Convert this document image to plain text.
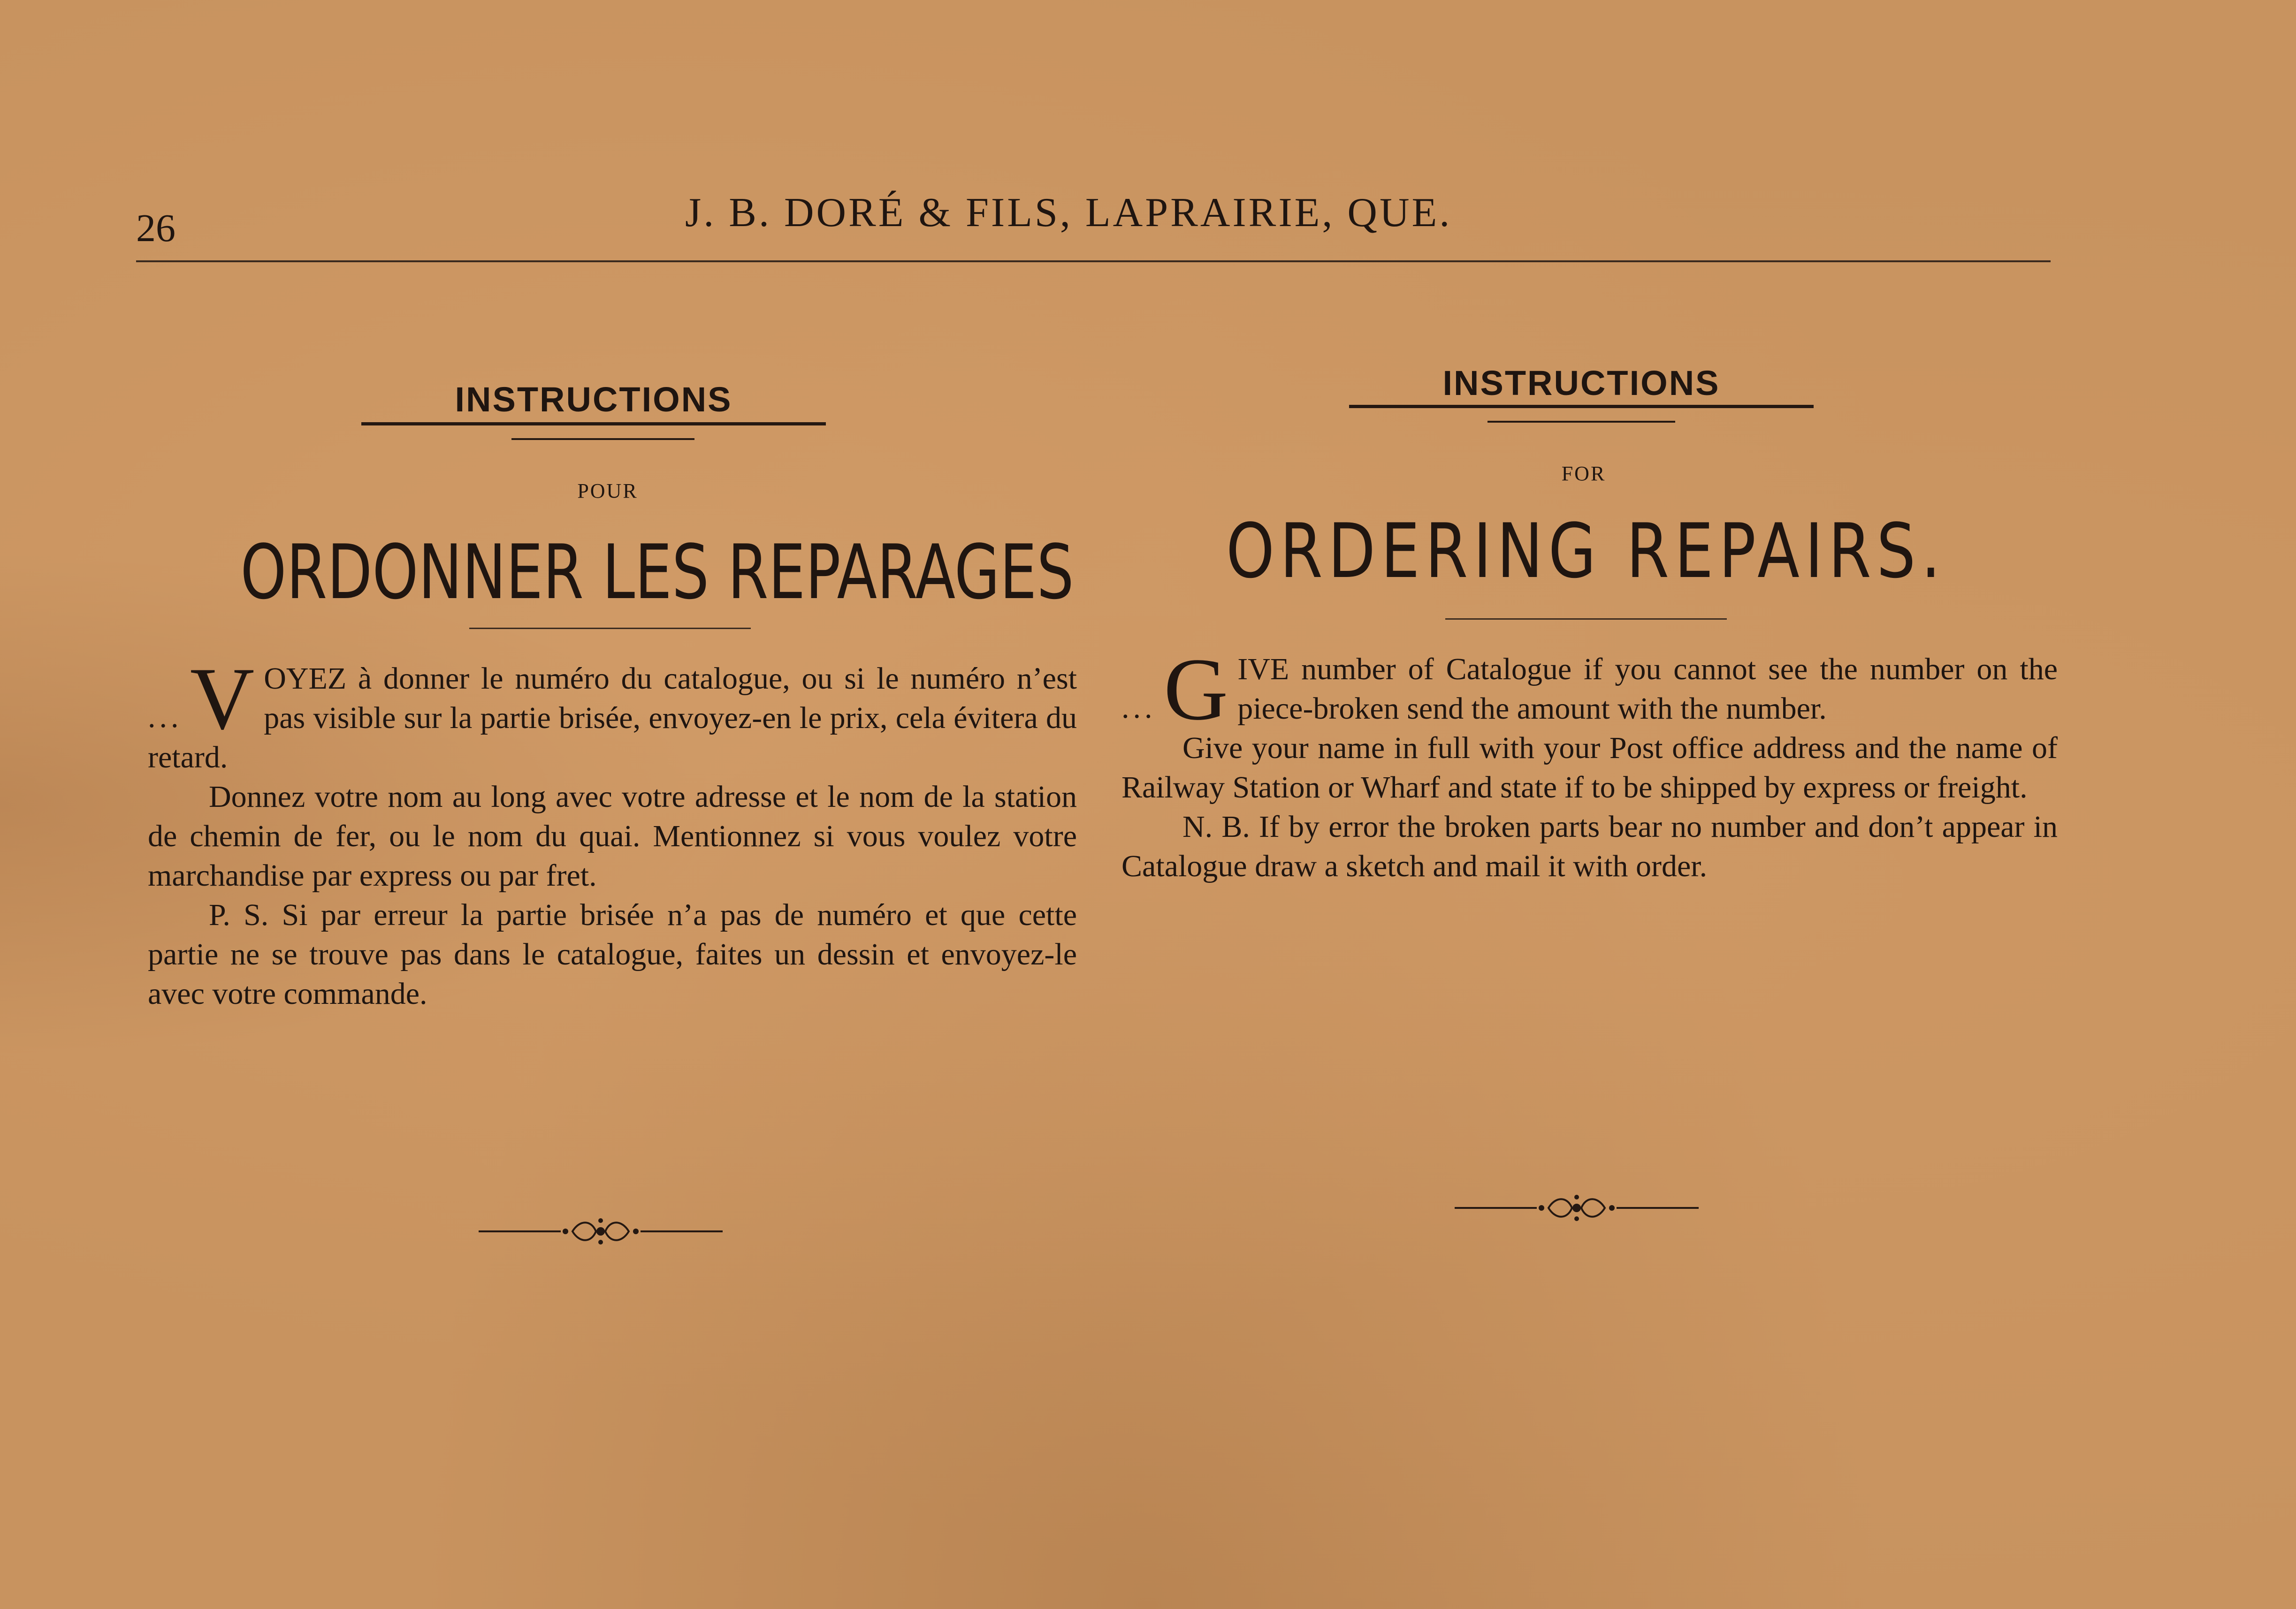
26	J. B. DORÉ & FILS, LAPRAIRIE, QUE.
INSTRUCTIONS
POUR
ORDONNER LES REPARAGES
... V OYEZ à donner le numéro du catalogue, ou si le numéro n’est pas visible sur la partie brisée, envoyez-en le prix, cela évitera du retard.

Donnez votre nom au long avec votre adresse et le nom de la station de chemin de fer, ou le nom du quai. Mentionnez si vous voulez votre marchandise par express ou par fret.

P. S. Si par erreur la partie brisée n’a pas de numéro et que cette partie ne se trouve pas dans le catalogue, faites un dessin et envoyez-le avec votre commande.

INSTRUCTIONS
FOR
ORDERING REPAIRS.
... G IVE number of Catalogue if you cannot see the number on the piece-broken send the amount with the number.

Give your name in full with your Post office address and the name of Railway Station or Wharf and state if to be shipped by express or freight.

N. B. If by error the broken parts bear no number and don’t appear in Catalogue draw a sketch and mail it with order.
